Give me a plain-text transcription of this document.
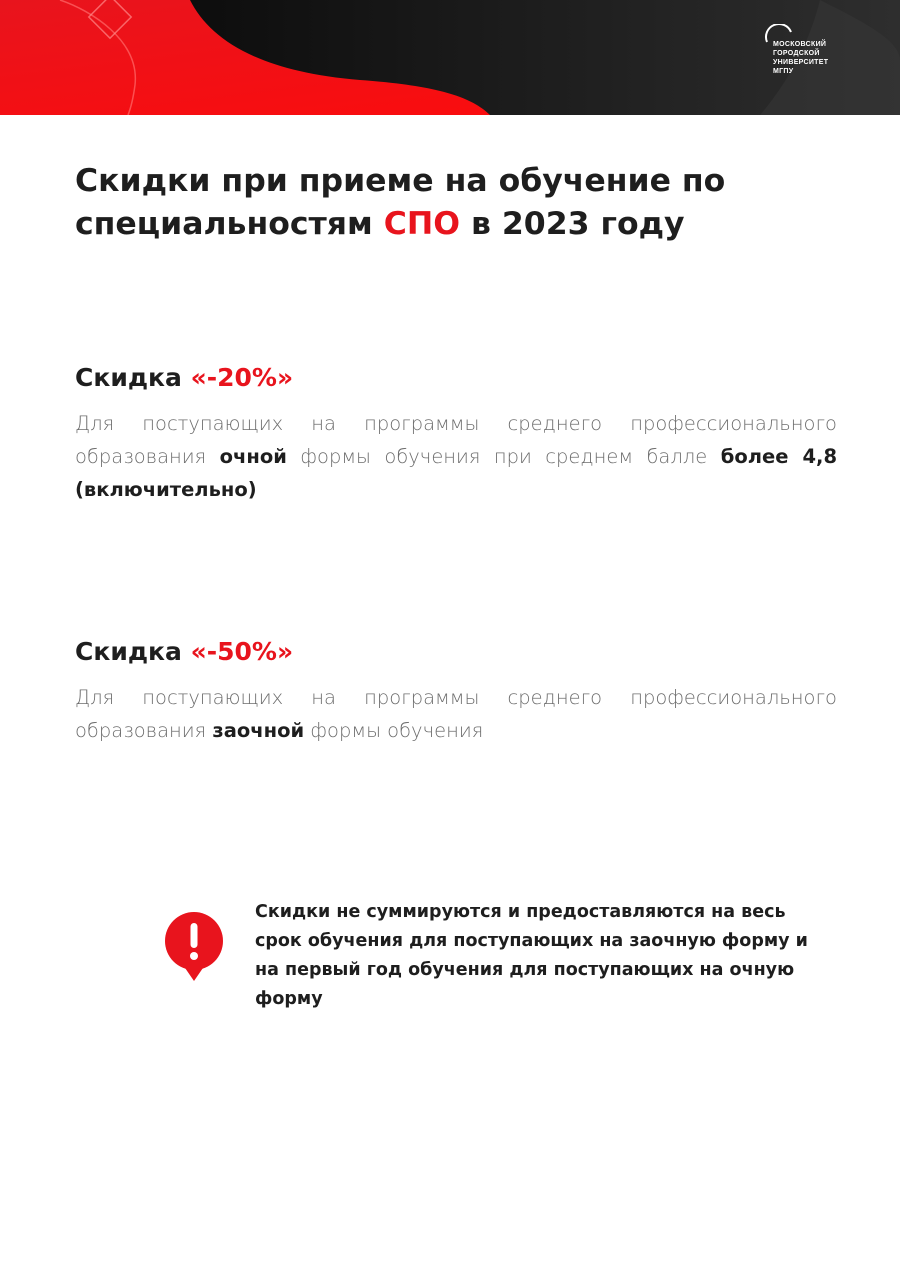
МОСКОВСКИЙ
ГОРОДСКОЙ
УНИВЕРСИТЕТ
МГПУ
Скидки при приеме на обучение по специальностям СПО в 2023 году
Скидка «-20%»

Для поступающих на программы среднего профессионального образования очной формы обучения при среднем балле более 4,8 (включительно)

Скидка «-50%»

Для поступающих на программы среднего профессионального образования заочной формы обучения

Скидки не суммируются и предоставляются на весь срок обучения для поступающих на заочную форму и на первый год обучения для поступающих на очную форму
